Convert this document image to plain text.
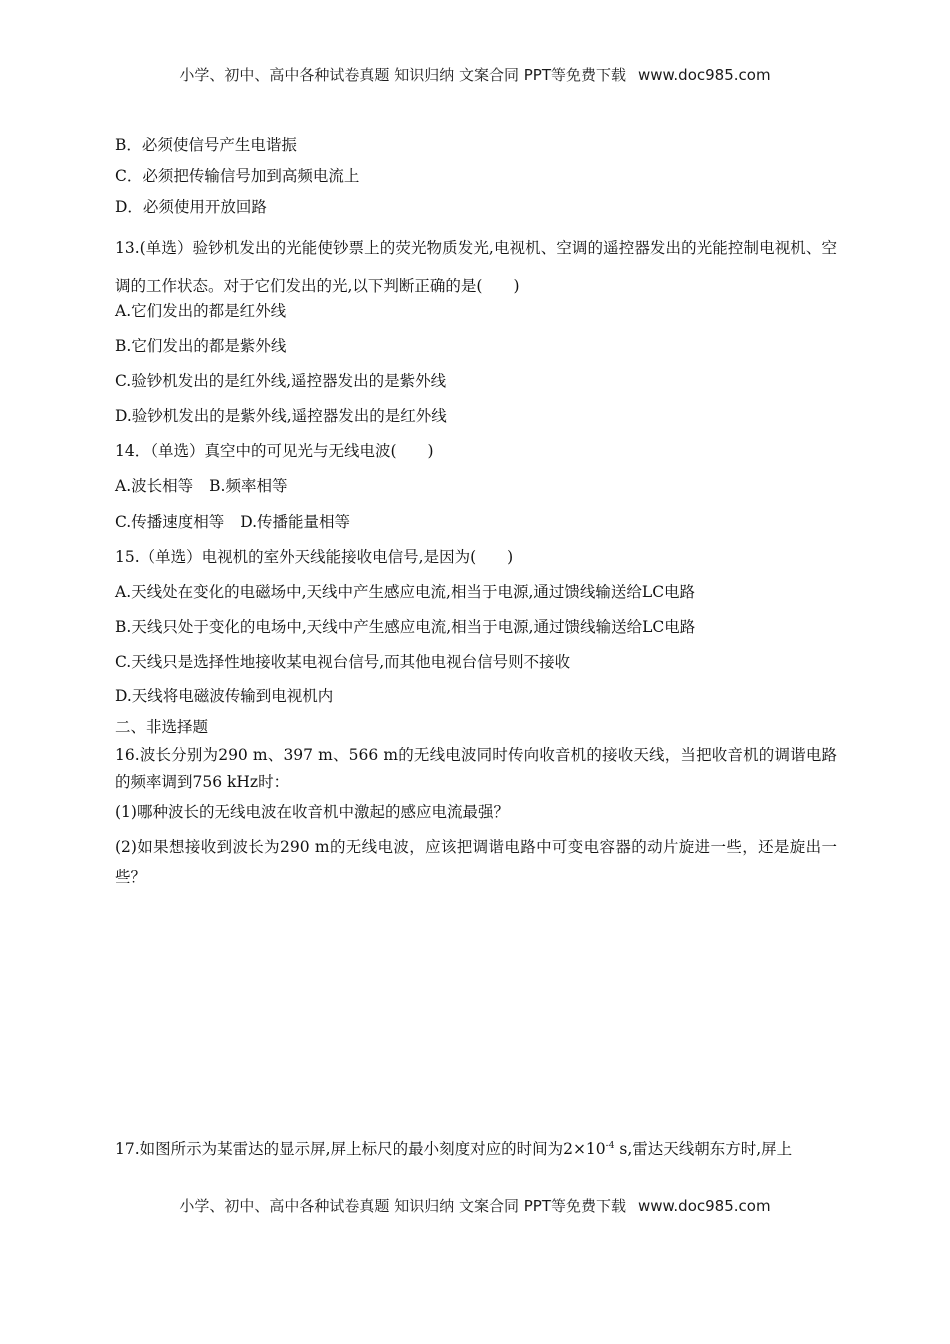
小学、初中、高中各种试卷真题 知识归纳 文案合同 PPT等免费下载 www.doc985.com
B．必须使信号产生电谐振
C．必须把传输信号加到高频电流上
D．必须使用开放回路
13.(单选）验钞机发出的光能使钞票上的荧光物质发光,电视机、空调的遥控器发出的光能控制电视机、空调的工作状态。对于它们发出的光,以下判断正确的是(　　)
A.它们发出的都是红外线
B.它们发出的都是紫外线
C.验钞机发出的是红外线,遥控器发出的是紫外线
D.验钞机发出的是紫外线,遥控器发出的是红外线
14．（单选）真空中的可见光与无线电波(　　)
A.波长相等 B.频率相等
C.传播速度相等 D.传播能量相等
15.（单选）电视机的室外天线能接收电信号,是因为(　　)
A.天线处在变化的电磁场中,天线中产生感应电流,相当于电源,通过馈线输送给LC电路
B.天线只处于变化的电场中,天线中产生感应电流,相当于电源,通过馈线输送给LC电路
C.天线只是选择性地接收某电视台信号,而其他电视台信号则不接收
D.天线将电磁波传输到电视机内
二、非选择题
16.波长分别为290 m、397 m、566 m的无线电波同时传向收音机的接收天线，当把收音机的调谐电路的频率调到756 kHz时：
(1)哪种波长的无线电波在收音机中激起的感应电流最强？
(2)如果想接收到波长为290 m的无线电波，应该把调谐电路中可变电容器的动片旋进一些，还是旋出一些？
17.如图所示为某雷达的显示屏,屏上标尺的最小刻度对应的时间为$2\times 10^{-4}$ s,雷达天线朝东方时,屏上
小学、初中、高中各种试卷真题 知识归纳 文案合同 PPT等免费下载 www.doc985.com
